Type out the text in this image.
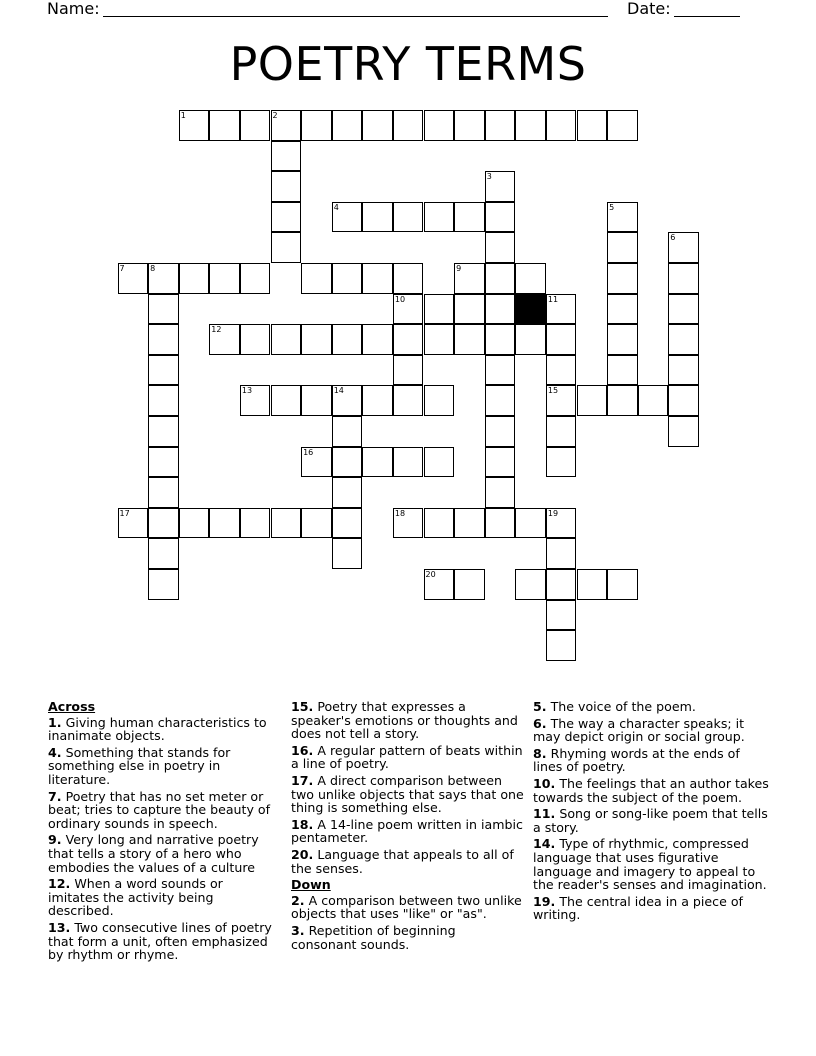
Name:	Date:
POETRY TERMS
1	2
3
4	5
6
7	8	9
10	11
12
13	14	15
16
17	18	19
20
Across
1. Giving human characteristics to inanimate objects.
4. Something that stands for something else in poetry in literature.
7. Poetry that has no set meter or beat; tries to capture the beauty of ordinary sounds in speech.
9. Very long and narrative poetry that tells a story of a hero who embodies the values of a culture
12. When a word sounds or imitates the activity being described.
13. Two consecutive lines of poetry that form a unit, often emphasized by rhythm or rhyme.
15. Poetry that expresses a speaker's emotions or thoughts and does not tell a story.
16. A regular pattern of beats within a line of poetry.
17. A direct comparison between two unlike objects that says that one thing is something else.
18. A 14-line poem written in iambic pentameter.
20. Language that appeals to all of the senses.
Down
2. A comparison between two unlike objects that uses "like" or "as".
3. Repetition of beginning consonant sounds.
5. The voice of the poem.
6. The way a character speaks; it may depict origin or social group.
8. Rhyming words at the ends of lines of poetry.
10. The feelings that an author takes towards the subject of the poem.
11. Song or song-like poem that tells a story.
14. Type of rhythmic, compressed language that uses figurative language and imagery to appeal to the reader's senses and imagination.
19. The central idea in a piece of writing.
